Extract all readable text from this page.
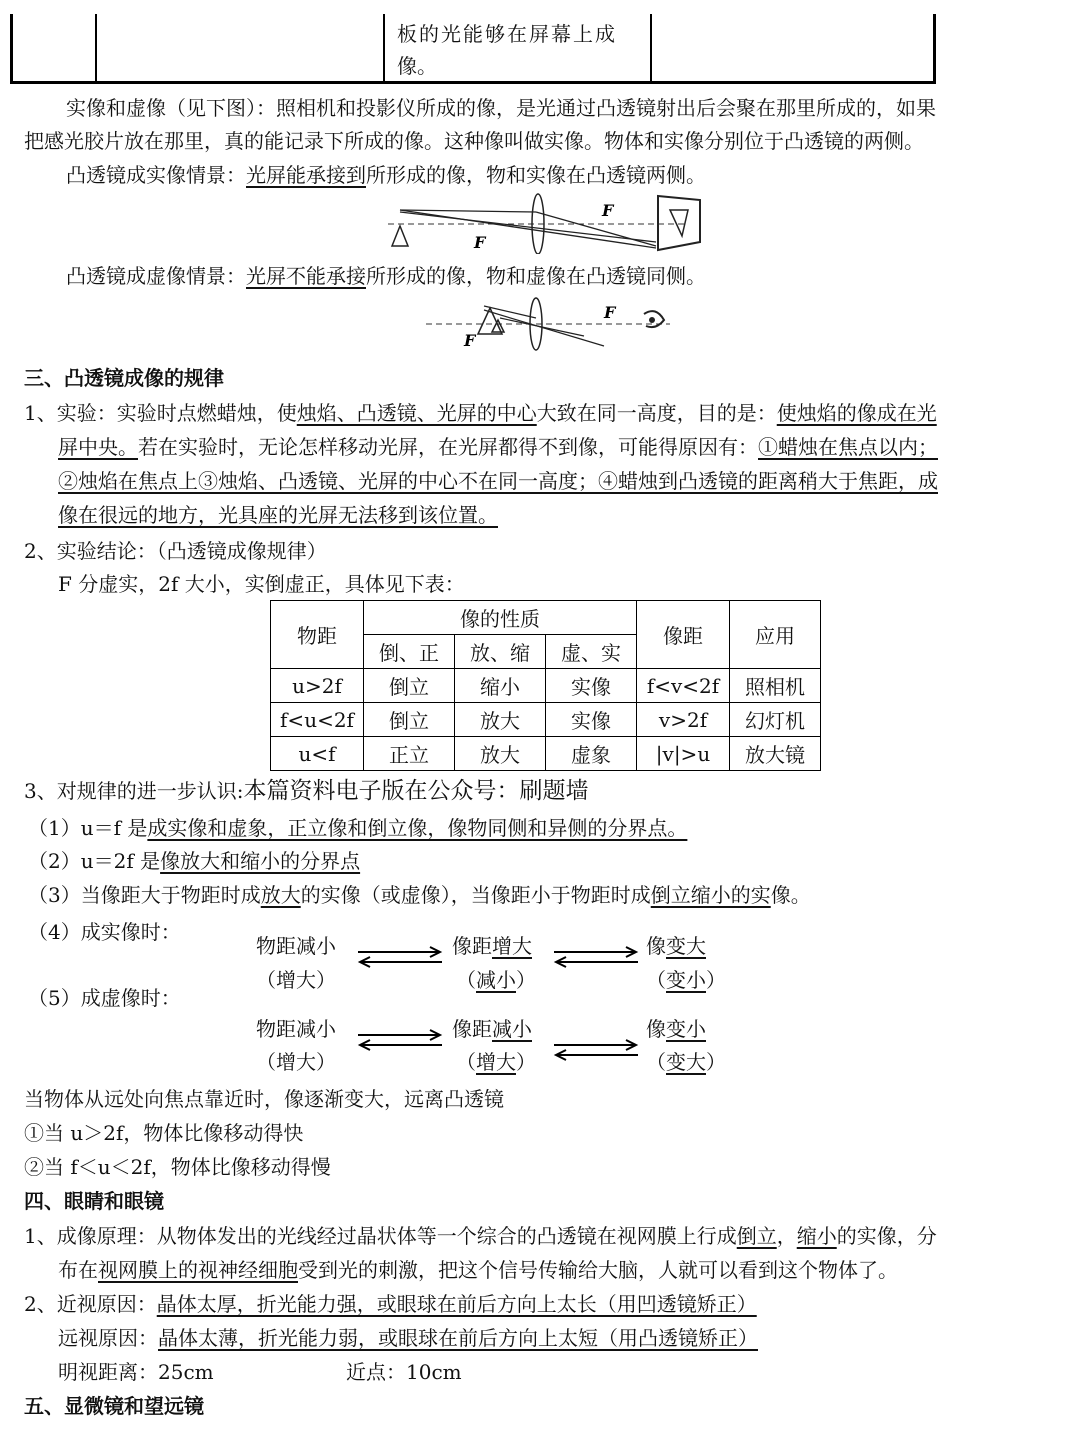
板的光能够在屏幕上成
像。
实像和虚像（见下图）：照相机和投影仪所成的像，是光通过凸透镜射出后会聚在那里所成的，如果
把感光胶片放在那里，真的能记录下所成的像。这种像叫做实像。物体和实像分别位于凸透镜的两侧。
凸透镜成实像情景：光屏能承接到所形成的像，物和实像在凸透镜两侧。
F
F
凸透镜成虚像情景：光屏不能承接所形成的像，物和虚像在凸透镜同侧。
F
F
三、凸透镜成像的规律
1、实验：实验时点燃蜡烛，使烛焰、凸透镜、光屏的中心大致在同一高度，目的是：使烛焰的像成在光
屏中央。若在实验时，无论怎样移动光屏，在光屏都得不到像，可能得原因有：①蜡烛在焦点以内；
②烛焰在焦点上③烛焰、凸透镜、光屏的中心不在同一高度；④蜡烛到凸透镜的距离稍大于焦距，成
像在很远的地方，光具座的光屏无法移到该位置。
2、实验结论：（凸透镜成像规律）
F 分虚实，2f 大小，实倒虚正，具体见下表：
物距	像的性质			像距	应用
	倒、正	放、缩	虚、实		
u>2f	倒立	缩小	实像	f<v<2f	照相机
f<u<2f	倒立	放大	实像	v>2f	幻灯机
u<f	正立	放大	虚象	|v|>u	放大镜
3、对规律的进一步认识:本篇资料电子版在公众号：刷题墙
（1）u＝f 是成实像和虚象，正立像和倒立像，像物同侧和异侧的分界点。
（2）u＝2f 是像放大和缩小的分界点
（3）当像距大于物距时成放大的实像（或虚像），当像距小于物距时成倒立缩小的实像。
（4）成实像时：
物距减小
（增大）
像距增大
（减小）
像变大
（变小）
（5）成虚像时：
物距减小
（增大）
像距减小
（增大）
像变小
（变大）
当物体从远处向焦点靠近时，像逐渐变大，远离凸透镜
①当 u＞2f，物体比像移动得快
②当 f＜u＜2f，物体比像移动得慢
四、眼睛和眼镜
1、成像原理：从物体发出的光线经过晶状体等一个综合的凸透镜在视网膜上行成倒立，缩小的实像，分
布在视网膜上的视神经细胞受到光的刺激，把这个信号传输给大脑，人就可以看到这个物体了。
2、近视原因：晶体太厚，折光能力强，或眼球在前后方向上太长（用凹透镜矫正）
远视原因：晶体太薄，折光能力弱，或眼球在前后方向上太短（用凸透镜矫正）
明视距离：25cm	近点：10cm
五、显微镜和望远镜
